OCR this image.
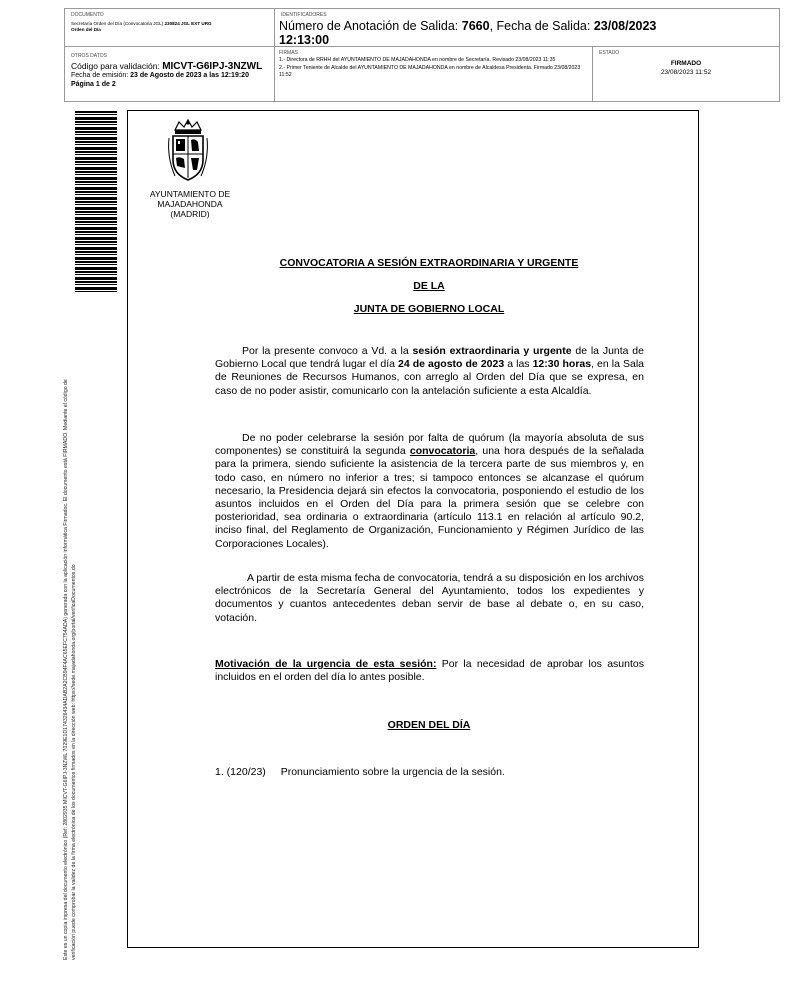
DOCUMENTO
Secretaría Orden del Día (Convocatoria JGL) 230824 JGL EXT URG
Orden del Día
IDENTIFICADORES
Número de Anotación de Salida: 7660, Fecha de Salida: 23/08/2023
12:13:00
OTROS DATOS
Código para validación: MICVT-G6IPJ-3NZWL
Fecha de emisión: 23 de Agosto de 2023 a las 12:19:20
Página 1 de 2
FIRMAS
1.- Directora de RRHH del AYUNTAMIENTO DE MAJADAHONDA en nombre de Secretaría. Revisado 23/08/2023 11:35
2.- Primer Teniente de Alcalde del AYUNTAMIENTO DE MAJADAHONDA en nombre de Alcaldesa Presidenta. Firmado 23/08/2023 11:52
ESTADO
FIRMADO
23/08/2023 11:52
Este es un copia impresa del documento electrónico (Ref: 2802935 MICVT-G6IPJ-3NZWL 7029E1D174326434ADAB2A2CB94F4AC65EFC754ADA) generada con la aplicación informática Firmadoc. El documento está FIRMADO. Mediante el código de verificación puede comprobar la validez de la firma electrónica de los documentos firmados en la dirección web: https://sede.majadahonda.org/portal/verificaDocumentos.do
AYUNTAMIENTO DE
MAJADAHONDA
(MADRID)
CONVOCATORIA A SESIÓN EXTRAORDINARIA Y URGENTE
DE LA
JUNTA DE GOBIERNO LOCAL

Por la presente convoco a Vd. a la sesión extraordinaria y urgente de la Junta de Gobierno Local que tendrá lugar el día 24 de agosto de 2023 a las 12:30 horas, en la Sala de Reuniones de Recursos Humanos, con arreglo al Orden del Día que se expresa, en caso de no poder asistir, comunicarlo con la antelación suficiente a esta Alcaldía.

De no poder celebrarse la sesión por falta de quórum (la mayoría absoluta de sus componentes) se constituirá la segunda convocatoria, una hora después de la señalada para la primera, siendo suficiente la asistencia de la tercera parte de sus miembros y, en todo caso, en número no inferior a tres; si tampoco entonces se alcanzase el quórum necesario, la Presidencia dejará sin efectos la convocatoria, posponiendo el estudio de los asuntos incluidos en el Orden del Día para la primera sesión que se celebre con posterioridad, sea ordinaria o extraordinaria (artículo 113.1 en relación al artículo 90.2, inciso final, del Reglamento de Organización, Funcionamiento y Régimen Jurídico de las Corporaciones Locales).

A partir de esta misma fecha de convocatoria, tendrá a su disposición en los archivos electrónicos de la Secretaría General del Ayuntamiento, todos los expedientes y documentos y cuantos antecedentes deban servir de base al debate o, en su caso, votación.

Motivación de la urgencia de esta sesión: Por la necesidad de aprobar los asuntos incluidos en el orden del día lo antes posible.

ORDEN DEL DÍA
1. (120/23) Pronunciamiento sobre la urgencia de la sesión.
